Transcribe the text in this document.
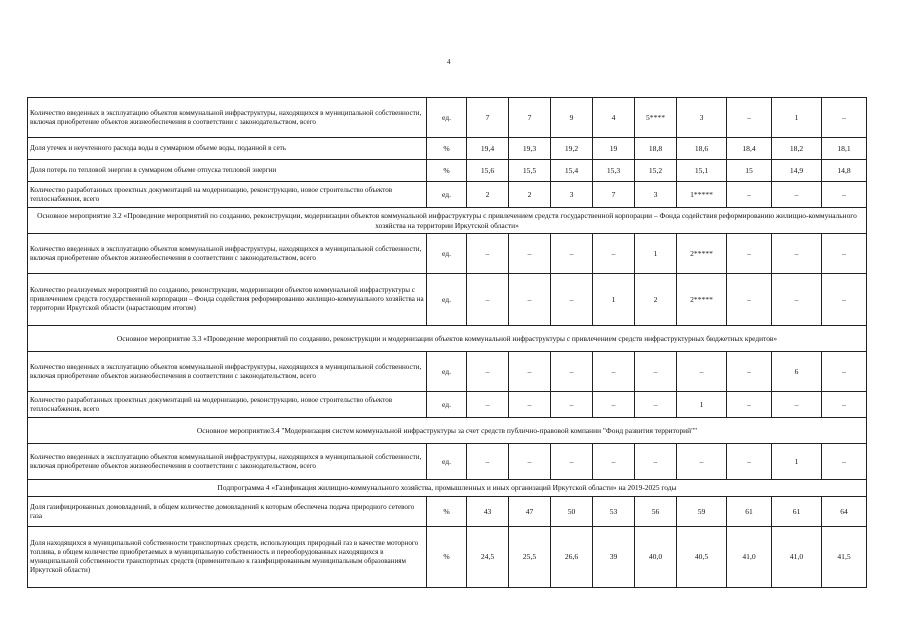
4
Количество введенных в эксплуатацию объектов коммунальной инфраструктуры, находящихся в муниципальной собственности, включая приобретение объектов жизнеобеспечения в соответствии с законодательством, всего	ед.	7	7	9	4	5****	3	–	1	–
Доля утечек и неучтенного расхода воды в суммарном объеме воды, поданной в сеть	%	19,4	19,3	19,2	19	18,8	18,6	18,4	18,2	18,1
Доля потерь по тепловой энергии в суммарном объеме отпуска тепловой энергии	%	15,6	15,5	15,4	15,3	15,2	15,1	15	14,9	14,8
Количество разработанных проектных документаций на модернизацию, реконструкцию, новое строительство объектов теплоснабжения, всего	ед.	2	2	3	7	3	1*****	–	–	–
Основное мероприятие 3.2 «Проведение мероприятий по созданию, реконструкции, модернизации объектов коммунальной инфраструктуры с привлечением средств государственной корпорации – Фонда содействия реформированию жилищно-коммунального хозяйства на территории Иркутской области»										
Количество введенных в эксплуатацию объектов коммунальной инфраструктуры, находящихся в муниципальной собственности, включая приобретение объектов жизнеобеспечения в соответствии с законодательством, всего	ед.	–	–	–	–	1	2*****	–	–	–
Количество реализуемых мероприятий по созданию, реконструкции, модернизации объектов коммунальной инфраструктуры с привлечением средств государственной корпорации – Фонда содействия реформированию жилищно-коммунального хозяйства на территории Иркутской области (нарастающим итогом)	ед.	–	–	–	1	2	2*****	–	–	–
Основное мероприятие 3.3 «Проведение мероприятий по созданию, реконструкции и модернизации объектов коммунальной инфраструктуры с привлечением средств инфраструктурных бюджетных кредитов»										
Количество введенных в эксплуатацию объектов коммунальной инфраструктуры, находящихся в муниципальной собственности, включая приобретение объектов жизнеобеспечения в соответствии с законодательством, всего	ед.	–	–	–	–	–	–	–	6	–
Количество разработанных проектных документаций на модернизацию, реконструкцию, новое строительство объектов теплоснабжения, всего	ед.	–	–	–	–	–	1	–	–	–
Основное мероприятие3.4 "Модернизация систем коммунальной инфраструктуры за счет средств публично-правовой компании "Фонд развития территорий""										
Количество введенных в эксплуатацию объектов коммунальной инфраструктуры, находящихся в муниципальной собственности, включая приобретение объектов жизнеобеспечения в соответствии с законодательством, всего	ед.	–	–	–	–	–	–	–	1	–
Подпрограмма 4 «Газификация жилищно-коммунального хозяйства, промышленных и иных организаций Иркутской области» на 2019-2025 годы										
Доля газифицированных домовладений, в общем количестве домовладений к которым обеспечена подача природного сетевого газа	%	43	47	50	53	56	59	61	61	64
Доля находящихся в муниципальной собственности транспортных средств, использующих природный газ в качестве моторного топлива, в общем количестве приобретаемых в муниципальную собственность и переоборудованных находящихся в муниципальной собственности транспортных средств (применительно к газифицированным муниципальным образованиям Иркутской области)	%	24,5	25,5	26,6	39	40,0	40,5	41,0	41,0	41,5
